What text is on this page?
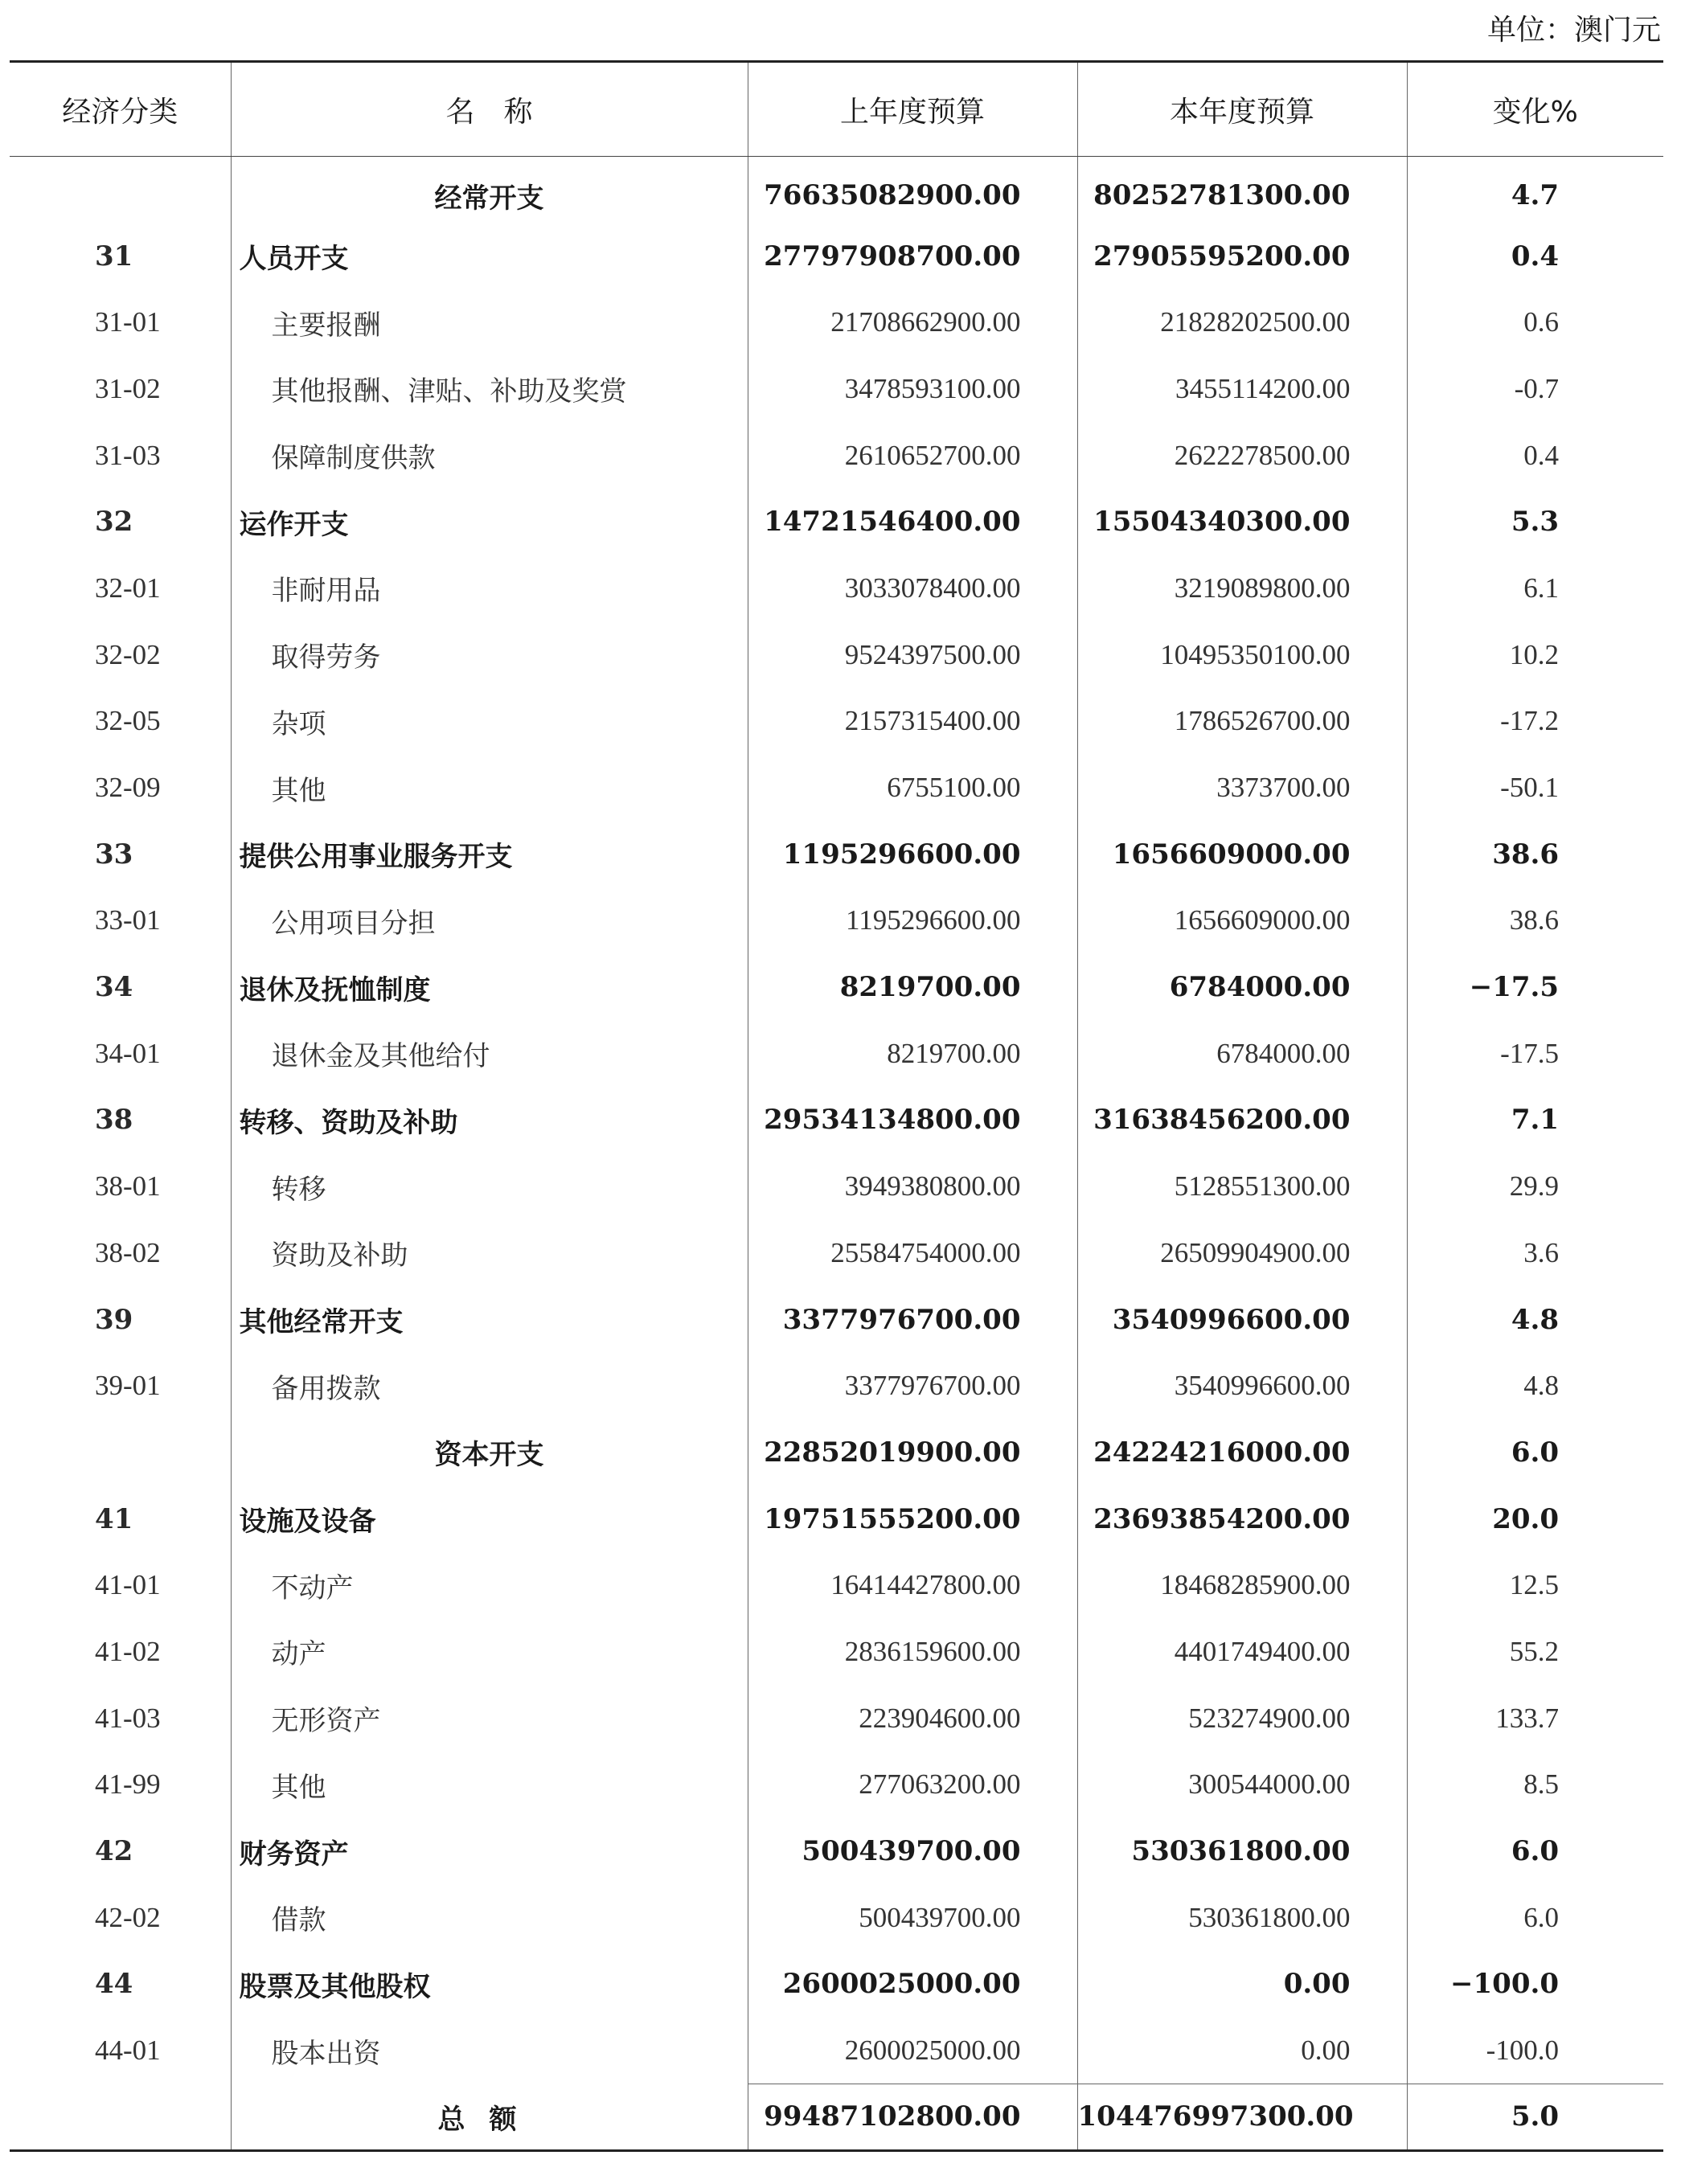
单位：澳门元
经济分类	名　称	上年度预算	本年度预算	变化%
	经常开支	76635082900.00	80252781300.00	4.7
31	人员开支	27797908700.00	27905595200.00	0.4
31-01	主要报酬	21708662900.00	21828202500.00	0.6
31-02	其他报酬、津贴、补助及奖赏	3478593100.00	3455114200.00	-0.7
31-03	保障制度供款	2610652700.00	2622278500.00	0.4
32	运作开支	14721546400.00	15504340300.00	5.3
32-01	非耐用品	3033078400.00	3219089800.00	6.1
32-02	取得劳务	9524397500.00	10495350100.00	10.2
32-05	杂项	2157315400.00	1786526700.00	-17.2
32-09	其他	6755100.00	3373700.00	-50.1
33	提供公用事业服务开支	1195296600.00	1656609000.00	38.6
33-01	公用项目分担	1195296600.00	1656609000.00	38.6
34	退休及抚恤制度	8219700.00	6784000.00	−17.5
34-01	退休金及其他给付	8219700.00	6784000.00	-17.5
38	转移、资助及补助	29534134800.00	31638456200.00	7.1
38-01	转移	3949380800.00	5128551300.00	29.9
38-02	资助及补助	25584754000.00	26509904900.00	3.6
39	其他经常开支	3377976700.00	3540996600.00	4.8
39-01	备用拨款	3377976700.00	3540996600.00	4.8
	资本开支	22852019900.00	24224216000.00	6.0
41	设施及设备	19751555200.00	23693854200.00	20.0
41-01	不动产	16414427800.00	18468285900.00	12.5
41-02	动产	2836159600.00	4401749400.00	55.2
41-03	无形资产	223904600.00	523274900.00	133.7
41-99	其他	277063200.00	300544000.00	8.5
42	财务资产	500439700.00	530361800.00	6.0
42-02	借款	500439700.00	530361800.00	6.0
44	股票及其他股权	2600025000.00	0.00	−100.0
44-01	股本出资	2600025000.00	0.00	-100.0
	总额	99487102800.00	104476997300.00	5.0
